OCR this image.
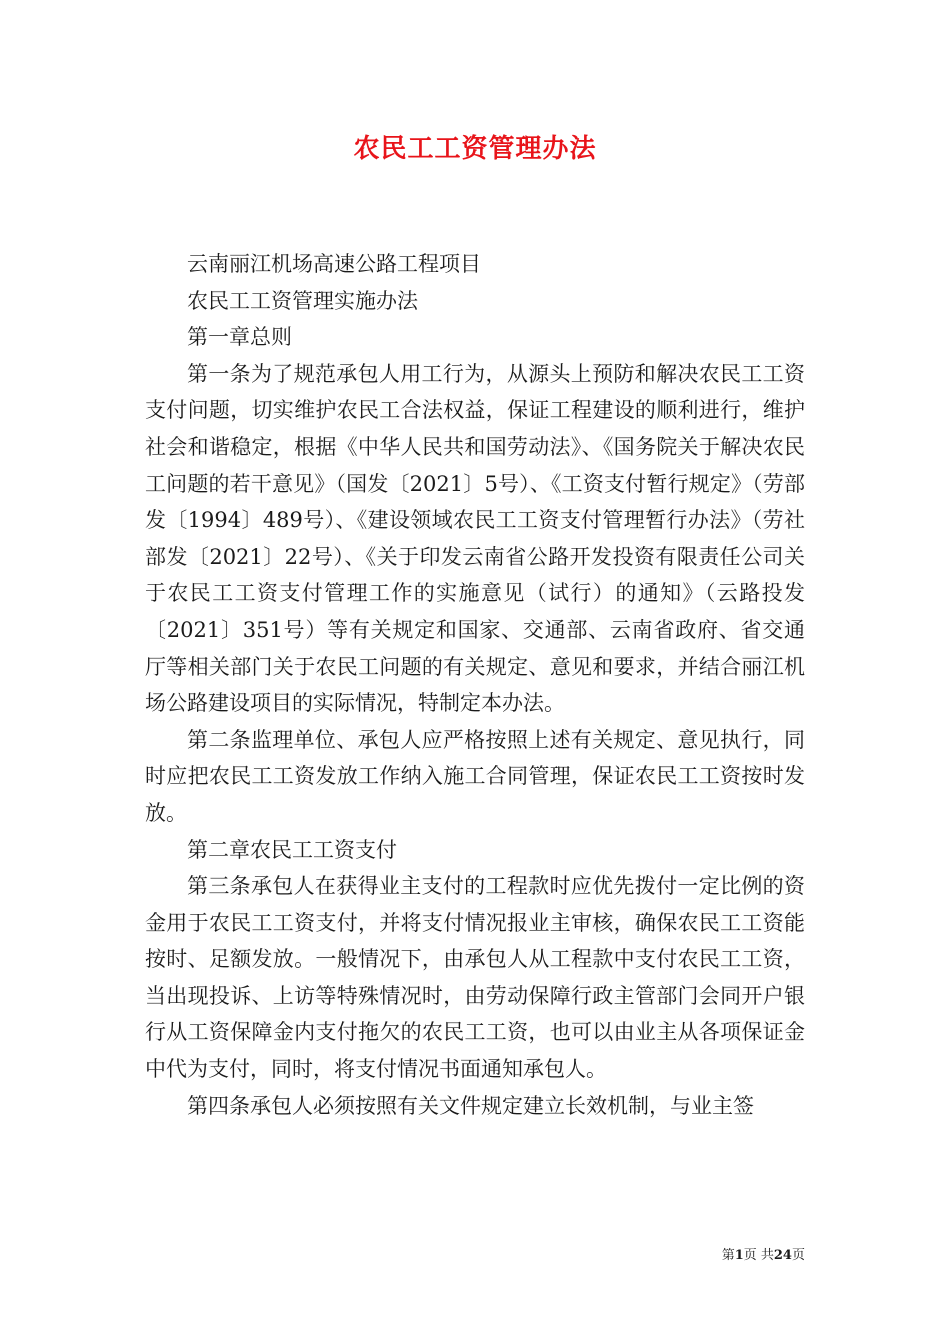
农民工工资管理办法

云南丽江机场高速公路工程项目

农民工工资管理实施办法

第一章总则

第一条为了规范承包人用工行为，从源头上预防和解决农民工工资支付问题，切实维护农民工合法权益，保证工程建设的顺利进行，维护社会和谐稳定，根据《中华人民共和国劳动法》、《国务院关于解决农民工问题的若干意见》（国发〔2021〕5号）、《工资支付暂行规定》（劳部发〔1994〕489号）、《建设领域农民工工资支付管理暂行办法》（劳社部发〔2021〕22号）、《关于印发云南省公路开发投资有限责任公司关于农民工工资支付管理工作的实施意见（试行）的通知》（云路投发〔2021〕351号）等有关规定和国家、交通部、云南省政府、省交通厅等相关部门关于农民工问题的有关规定、意见和要求，并结合丽江机场公路建设项目的实际情况，特制定本办法。

第二条监理单位、承包人应严格按照上述有关规定、意见执行，同时应把农民工工资发放工作纳入施工合同管理，保证农民工工资按时发放。

第二章农民工工资支付

第三条承包人在获得业主支付的工程款时应优先拨付一定比例的资金用于农民工工资支付，并将支付情况报业主审核，确保农民工工资能按时、足额发放。一般情况下，由承包人从工程款中支付农民工工资，当出现投诉、上访等特殊情况时，由劳动保障行政主管部门会同开户银行从工资保障金内支付拖欠的农民工工资，也可以由业主从各项保证金中代为支付，同时，将支付情况书面通知承包人。

第四条承包人必须按照有关文件规定建立长效机制，与业主签

第1页 共24页
